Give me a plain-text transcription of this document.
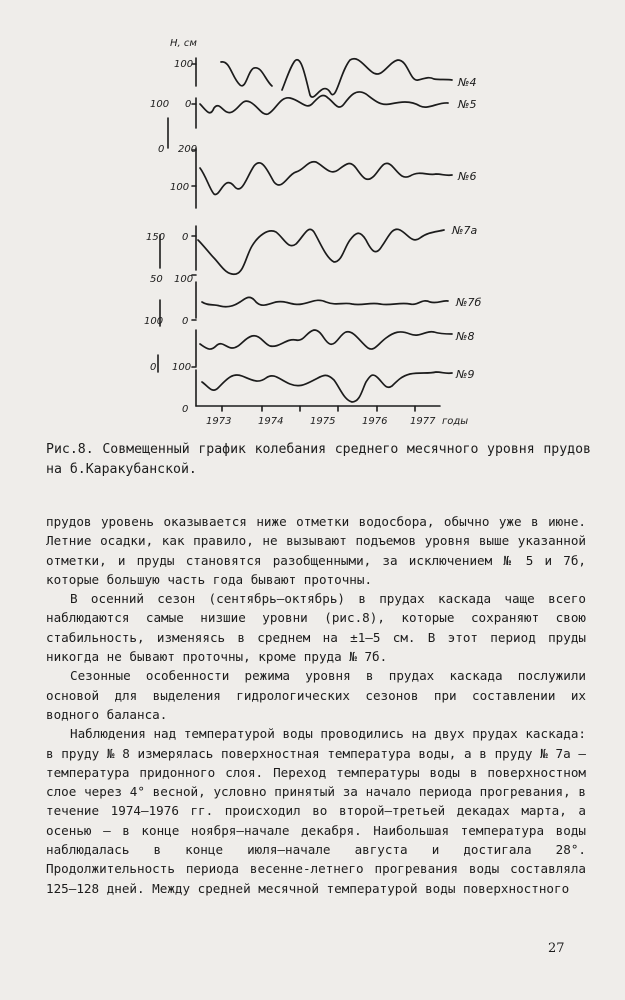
H, см
100
100 0
0 200
100
150 0
50 100
100 0
0 100
0
1973	1974	1975	1976 1977 годы
№4
№5
№6
№7а
№7б
№8
№9
Рис.8. Совмещенный график колебания среднего месячного уровня прудов на б.Каракубанской.

прудов уровень оказывается ниже отметки водосбора, обычно уже в июне. Летние осадки, как правило, не вызывают подъемов уровня выше указанной отметки, и пруды становятся разобщенными, за исключением № 5 и 7б, которые большую часть года бывают проточны.

В осенний сезон (сентябрь–октябрь) в прудах каскада чаще всего наблюдаются самые низшие уровни (рис.8), которые сохраняют свою стабильность, изменяясь в среднем на ±1–5 см. В этот период пруды никогда не бывают проточны, кроме пруда № 7б.

Сезонные особенности режима уровня в прудах каскада послужили основой для выделения гидрологических сезонов при составлении их водного баланса.

Наблюдения над температурой воды проводились на двух прудах каскада: в пруду № 8 измерялась поверхностная температура воды, а в пруду № 7а – температура придонного слоя. Переход температуры воды в поверхностном слое через 4° весной, условно принятый за начало периода прогревания, в течение 1974–1976 гг. происходил во второй–третьей декадах марта, а осенью – в конце ноября–начале декабря. Наибольшая температура воды наблюдалась в конце июля–начале августа и достигала 28°. Продолжительность периода весенне-летнего прогревания воды составляла 125–128 дней. Между средней месячной температурой воды поверхностного

27
